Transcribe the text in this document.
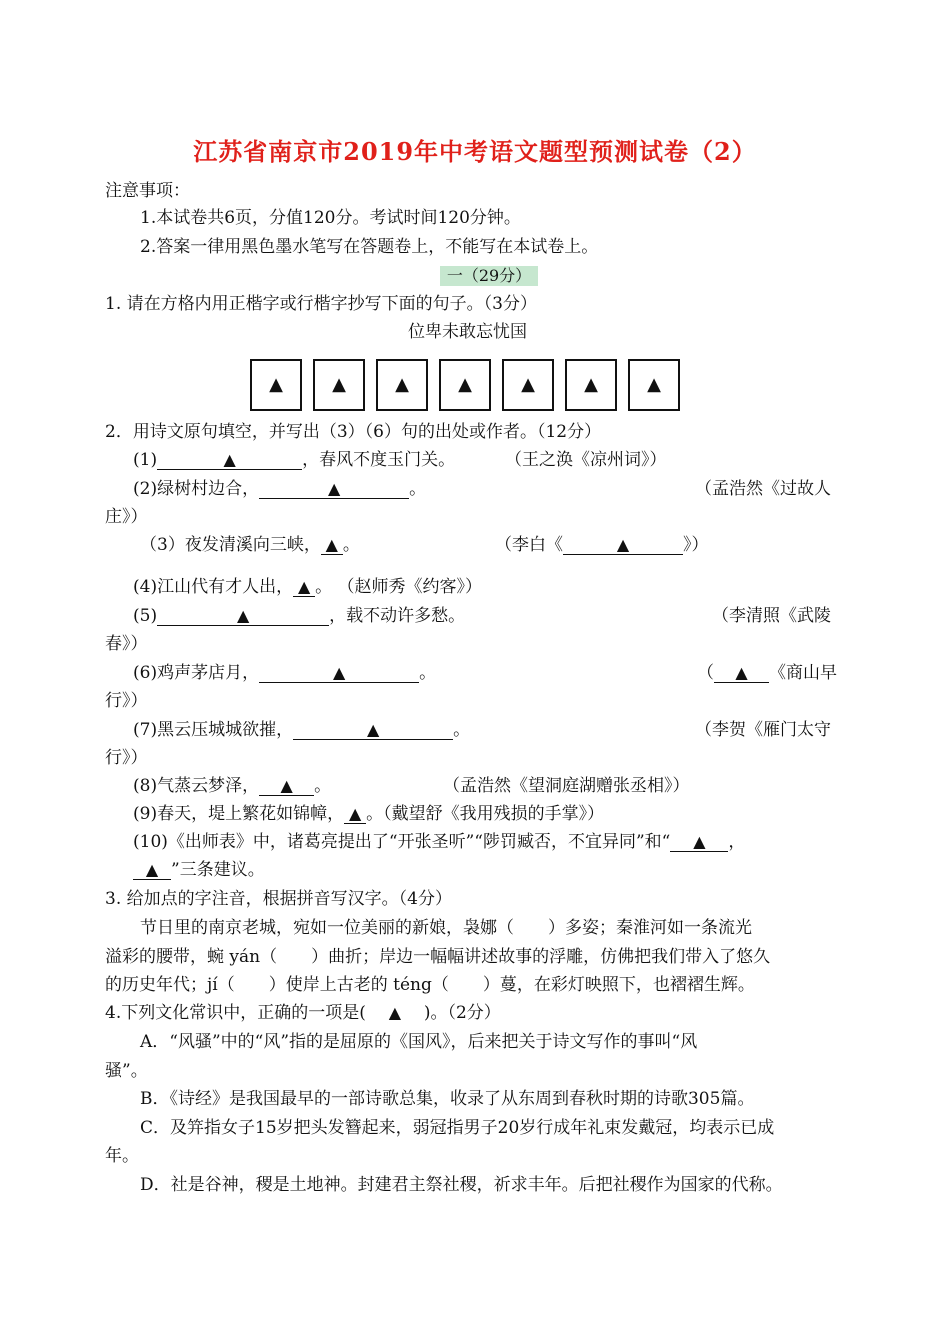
江苏省南京市2019年中考语文题型预测试卷（2）
注意事项：
1.本试卷共6页，分值120分。考试时间120分钟。
2.答案一律用黑色墨水笔写在答题卷上，不能写在本试卷上。
一（29分）
1. 请在方格内用正楷字或行楷字抄写下面的句子。（3分）
位卑未敢忘忧国
▲	▲	▲	▲	▲	▲	▲
2．用诗文原句填空，并写出（3）（6）句的出处或作者。（12分）
(1)	▲	，春风不度玉门关。	（王之涣《凉州词》）
(2)绿树村边合，	▲	。	（孟浩然《过故人
庄》）
（3）夜发清溪向三峡， ▲ 。	（李白《	▲	》）
(4)江山代有才人出， ▲ 。 （赵师秀《约客》）
(5)	▲	，载不动许多愁。	（李清照《武陵
春》）
(6)鸡声茅店月，	▲	。	（ ▲ 《商山早
行》）
(7)黑云压城城欲摧，	▲	。	（李贺《雁门太守
行》）
(8)气蒸云梦泽， ▲ 。	（孟浩然《望洞庭湖赠张丞相》）
(9)春天，堤上繁花如锦幛， ▲ 。（戴望舒《我用残损的手掌》）
(10)《出师表》中，诸葛亮提出了“开张圣听”“陟罚臧否，不宜异同”和“ ▲ ，
▲ ”三条建议。
3. 给加点的字注音，根据拼音写汉字。（4分）
节日里的南京老城，宛如一位美丽的新娘，袅娜（　　）多姿；秦淮河如一条流光
溢彩的腰带，蜿 yán（　　）曲折；岸边一幅幅讲述故事的浮雕，仿佛把我们带入了悠久
的历史年代；jí（　　）使岸上古老的 téng（　　）蔓，在彩灯映照下，也褶褶生辉。
4.下列文化常识中，正确的一项是( ▲ )。（2分）
A．“风骚”中的“风”指的是屈原的《国风》，后来把关于诗文写作的事叫“风
骚”。
B．《诗经》是我国最早的一部诗歌总集，收录了从东周到春秋时期的诗歌305篇。
C．及笄指女子15岁把头发簪起来，弱冠指男子20岁行成年礼束发戴冠，均表示已成
年。
D．社是谷神，稷是土地神。封建君主祭社稷，祈求丰年。后把社稷作为国家的代称。
